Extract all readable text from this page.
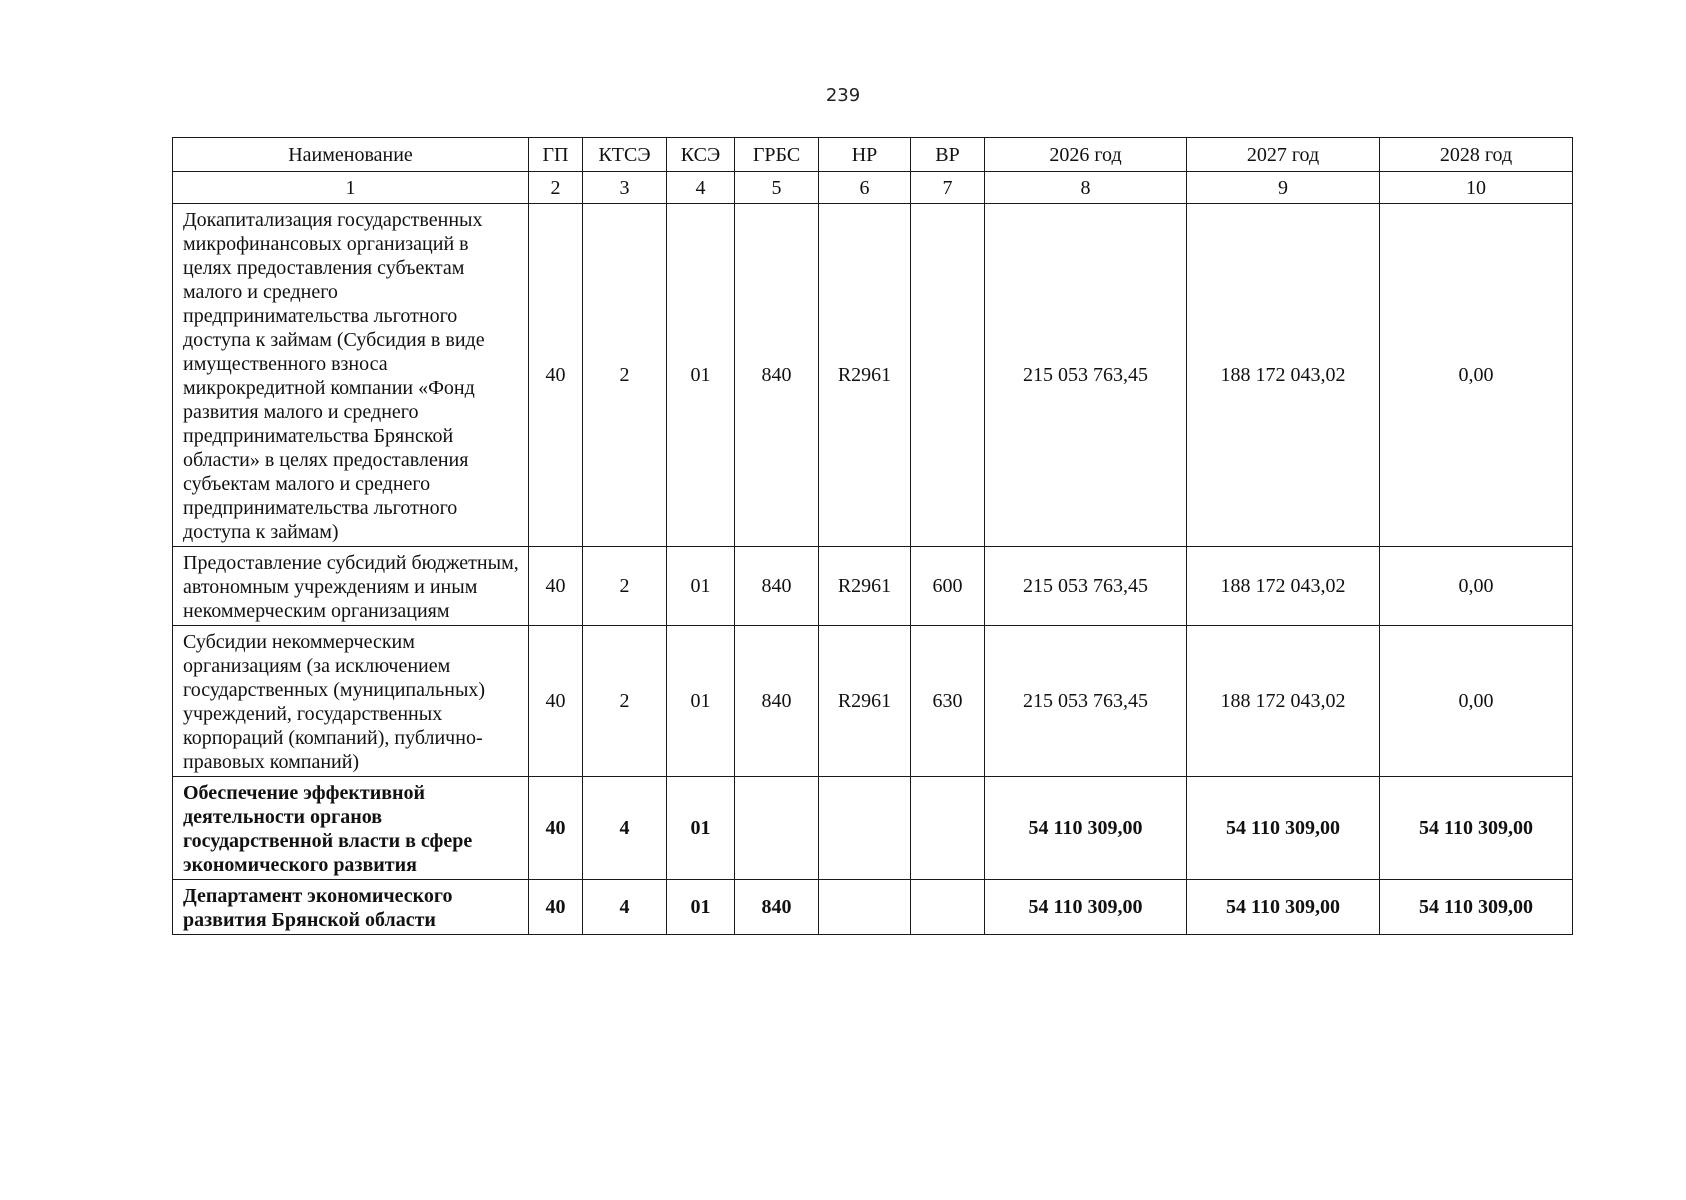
239
Наименование	ГП	КТСЭ	КСЭ	ГРБС	НР	ВР	2026 год	2027 год	2028 год
1	2	3	4	5	6	7	8	9	10
Докапитализация государственных микрофинансовых организаций в целях предоставления субъектам малого и среднего предпринимательства льготного доступа к займам (Субсидия в виде имущественного взноса микрокредитной компании «Фонд развития малого и среднего предпринимательства Брянской области» в целях предоставления субъектам малого и среднего предпринимательства льготного доступа к займам)	40	2	01	840	R2961		215 053 763,45	188 172 043,02	0,00
Предоставление субсидий бюджетным, автономным учреждениям и иным некоммерческим организациям	40	2	01	840	R2961	600	215 053 763,45	188 172 043,02	0,00
Субсидии некоммерческим организациям (за исключением государственных (муниципальных) учреждений, государственных корпораций (компаний), публично-правовых компаний)	40	2	01	840	R2961	630	215 053 763,45	188 172 043,02	0,00
Обеспечение эффективной деятельности органов государственной власти в сфере экономического развития	40	4	01				54 110 309,00	54 110 309,00	54 110 309,00
Департамент экономического развития Брянской области	40	4	01	840			54 110 309,00	54 110 309,00	54 110 309,00
